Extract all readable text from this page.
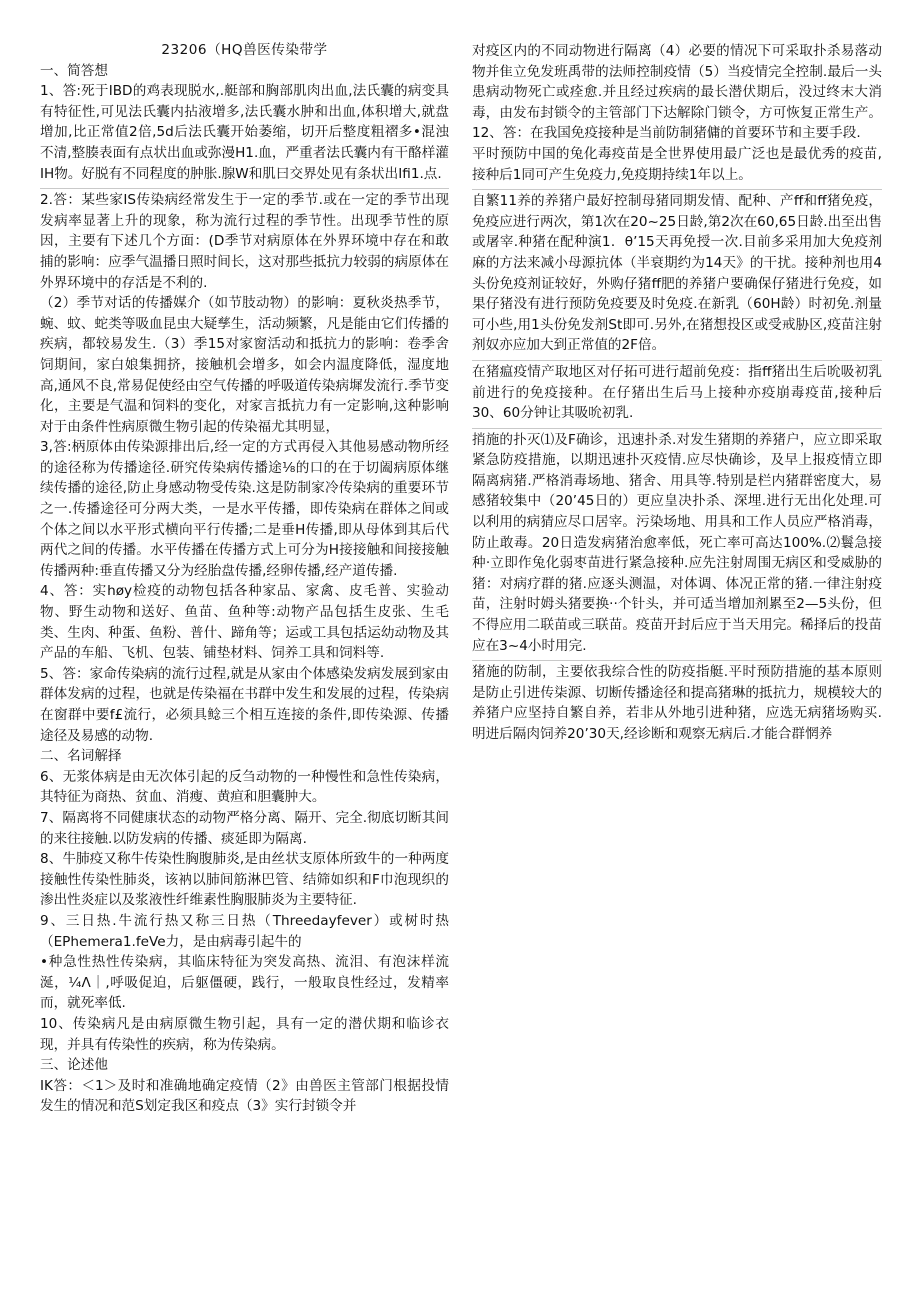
23206（HQ兽医传染带学
一、简答想

1、答:死于IBD的鸡表现脱水,.艇部和胸部肌肉出血,法氏囊的病变具有特征性,可见法氏囊内拈液增多,法氏囊水肿和出血,体积增大,就盘增加,比正常值2倍,5d后法氏囊开始萎缩，切开后整度粗褶多•混浊不清,整腠表面有点状出血或弥漫H1.血，严重者法氏囊内有干酪样灌IH物。好脱有不同程度的肿胀.腺W和肌曰交界处见有条状出Ifi1.点.

2.答：某些家IS传染病经常发生于一定的季节.或在一定的季节出现发病率显著上升的现象，称为流行过程的季节性。出现季节性的原因，主要有下述几个方面：(D季节对病原体在外界环境中存在和敢捕的影响：应季气温播日照时间长，这对那些抵抗力较弱的病原体在外界环境中的存活是不利的.

（2）季节对话的传播媒介（如节肢动物）的影响：夏秋炎热季节，蜿、蚊、蛇类等吸血昆虫大疑孳生，活动频繁，凡是能由它们传播的疾病，都较易发生.（3）季15对家窗活动和抵抗力的影响：卷季舍饲期间，家白娘集拥挤，接触机会增多，如会内温度降低，湿度地高,通风不良,常易促使经由空气传播的呼吸道传染病墀发流行.季节变化，主要是气温和饲料的变化，对家言抵抗力有一定影响,这种影响对于由条件性病原微生物引起的传染福尤其明显，

3,答:柄原体由传染源排出后,经一定的方式再侵入其他易感动物所经的途径称为传播途径.研究传染病传播途⅛的口的在于切阖病原体继续传播的途径,防止身感动物受传染.这是防制家冷传染病的重要环节之一.传播途径可分两大类，一是水平传播，即传染病在群体之间或个体之间以水平形式横向平行传播;二是垂H传播,即从母体到其后代两代之间的传播。水平传播在传播方式上可分为H接接触和间接接触传播两种:垂直传播又分为经胎盘传播,经卵传播,经产道传播.

4、答：实høy检疫的动物包括各种家品、家禽、皮毛普、实验动物、野生动物和送好、鱼苗、鱼种等:动物产品包括生皮张、生毛类、生肉、种蛋、鱼粉、普什、蹄角等；运或工具包括运幼动物及其产品的车船、飞机、包装、铺垫材料、饲养工具和饲料等.

5、答：家命传染病的流行过程,就是从家由个体感染发病发展到家由群体发病的过程，也就是传染福在书群中发生和发展的过程，传染病在窗群中要f£流行，必须具鲶三个相互连接的条件,即传染源、传播途径及易感的动物.

二、名词解择

6、无浆体病是由无次体引起的反刍动物的一种慢性和急性传染病，其特征为商热、贫血、消瘦、黄疸和胆囊肿大。

7、隔离将不同健康状态的动物严格分离、隔开、完全.彻底切断其间的来往接触.以防发病的传播、痰延即为隔离.

8、牛肺疫又称牛传染性胸腹肺炎,是由丝状支原体所致牛的一种两度接触性传染性肺炎，该衲以肺间筋淋巴管、结筛如织和F巾泡现织的渗出性炎症以及浆液性纤维素性胸服肺炎为主要特征.

9、三日热.牛流行热又称三日热（Threedayfever）或树时热（EPhemera1.feVe力，是由病毒引起牛的

•种急性热性传染病，其临床特征为突发高热、流泪、有泡沫样流涎，¼Λ｜,呼吸促迫，后躯僵硬，践行，一般取良性经过，发精率而，就死率低.

10、传染病凡是由病原微生物引起，具有一定的潜伏期和临诊衣现，并具有传染性的疾病，称为传染病。

三、论述他

IK答：＜1＞及时和准确地确定疫情（2》由兽医主管部门根据投情发生的情况和范S划定我区和疫点（3》实行封锁令并

对疫区内的不同动物进行隔离（4）必要的情况下可采取扑杀易落动物并隹立免发班禹带的法师控制疫情（5）当疫情完全控制.最后一头患病动物死亡或痊愈.并且经过疾病的最长潜伏期后，没过终末大消毒，由发布封锁令的主管部门下达解除门锁令，方可恢复正常生产。12、答：在我国免疫接种是当前防制猪傭的首要环节和主要手段.

平时预防中国的兔化毒疫苗是全世界使用最广泛也是最优秀的疫苗,接种后1同可产生免疫力,免疫期持续1年以上。

自繁11养的养猪户最好控制母猪同期发情、配种、产ff和ff猪免疫，免疫应进行两次，第1次在20~25日龄,第2次在60,65日龄.出至出售或屠宰.种猪在配种演1．θ’15天再免授一次.目前多采用加大免疫剂麻的方法来减小母源抗体（半衰期约为14天》的干扰。接种剂也用4头份免疫剂证较好，外购仔猪ff肥的养猪户要确保仔猪进行免疫，如果仔猪没有进行预防免疫要及时免疫.在新乳（60H龄）时初免.剂量可小些,用1头份免发剂St即可.另外,在猪想投区或受戒胁区,疫苗注射剂奴亦应加大到正常值的2F倍。

在猪瘟疫情产取地区对仔拓可进行超前免疫：指ff猪出生后吮吸初乳前进行的免疫接种。在仔猪出生后马上接种亦疫崩毒疫苗,接种后30、60分钟让其吸吮初乳.

捎施的扑灭⑴及F确诊，迅速扑杀.对发生猪期的养猪户，应立即采取紧急防疫措施，以期迅速扑灭疫情.应尽快确诊，及早上报疫情立即隔离病猪.严格消毒场地、猪舍、用具等.特别是栏内猪群密度大，易感猪较集中（20’45日的）更应皇决扑杀、深埋.进行无出化处理.可以利用的病猜应尽口居宰。污染场地、用具和工作人员应严格消毒，防止敢毒。20日造发病猪治愈率低，死亡率可高达100%.⑵鬟急接种·立即作兔化弱枣苗进行紧急接种.应先注射周围无病区和受威胁的猪：对病疗群的猪.应逐头测温，对体调、体况正常的猪.一律注射疫苗，注射时姆头猪要换··个针头，并可适当增加剂累至2—5头份，但不得应用二联苗或三联苗。疫苗开封后应于当天用完。稀择后的投苗应在3~4小时用完.

猪施的防制，主要依我综合性的防疫指艇.平时预防措施的基本原则是防止引进传柒源、切断传播途径和提高猪琳的抵抗力，规模较大的养猪户应坚持自繁自养，若非从外地引进种猪，应选无病猪场购买.明进后隔肉饲养20’30天,经诊断和观察无病后.才能合群惘养
